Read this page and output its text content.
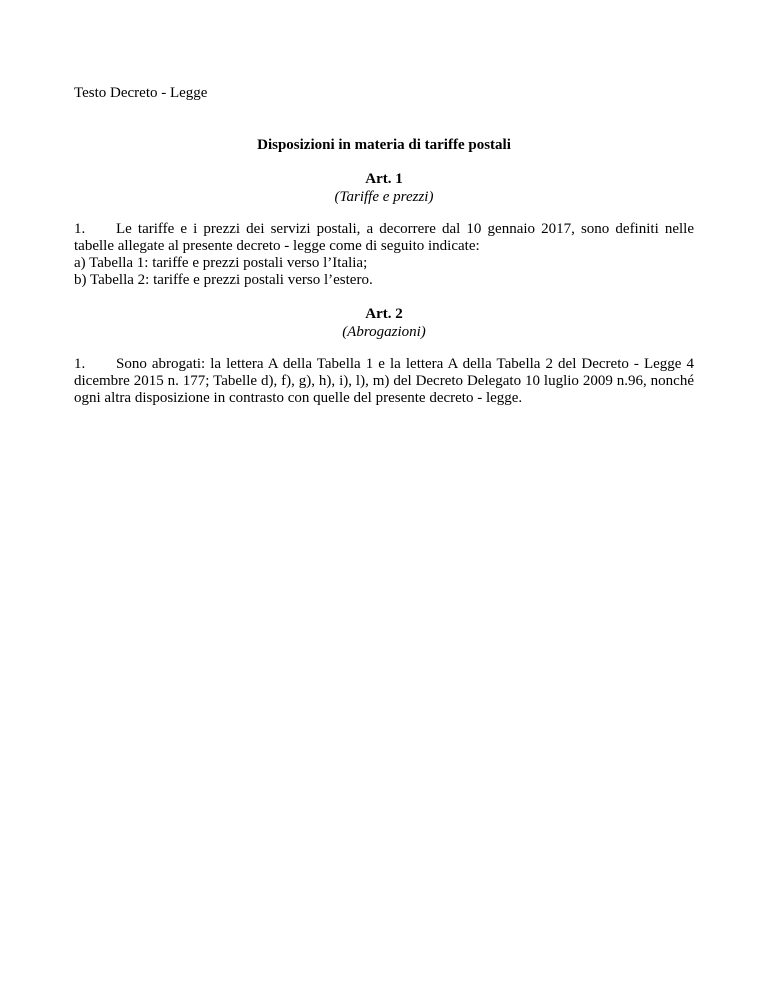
Testo Decreto - Legge

Disposizioni in materia di tariffe postali
Art. 1
(Tariffe e prezzi)

1. Le tariffe e i prezzi dei servizi postali, a decorrere dal 10 gennaio 2017, sono definiti nelle tabelle allegate al presente decreto - legge come di seguito indicate:

a) Tabella 1: tariffe e prezzi postali verso l’Italia;
b) Tabella 2: tariffe e prezzi postali verso l’estero.
Art. 2
(Abrogazioni)

1. Sono abrogati: la lettera A della Tabella 1 e la lettera A della Tabella 2 del Decreto - Legge 4 dicembre 2015 n. 177; Tabelle d), f), g), h), i), l), m) del Decreto Delegato 10 luglio 2009 n.96, nonché ogni altra disposizione in contrasto con quelle del presente decreto - legge.
